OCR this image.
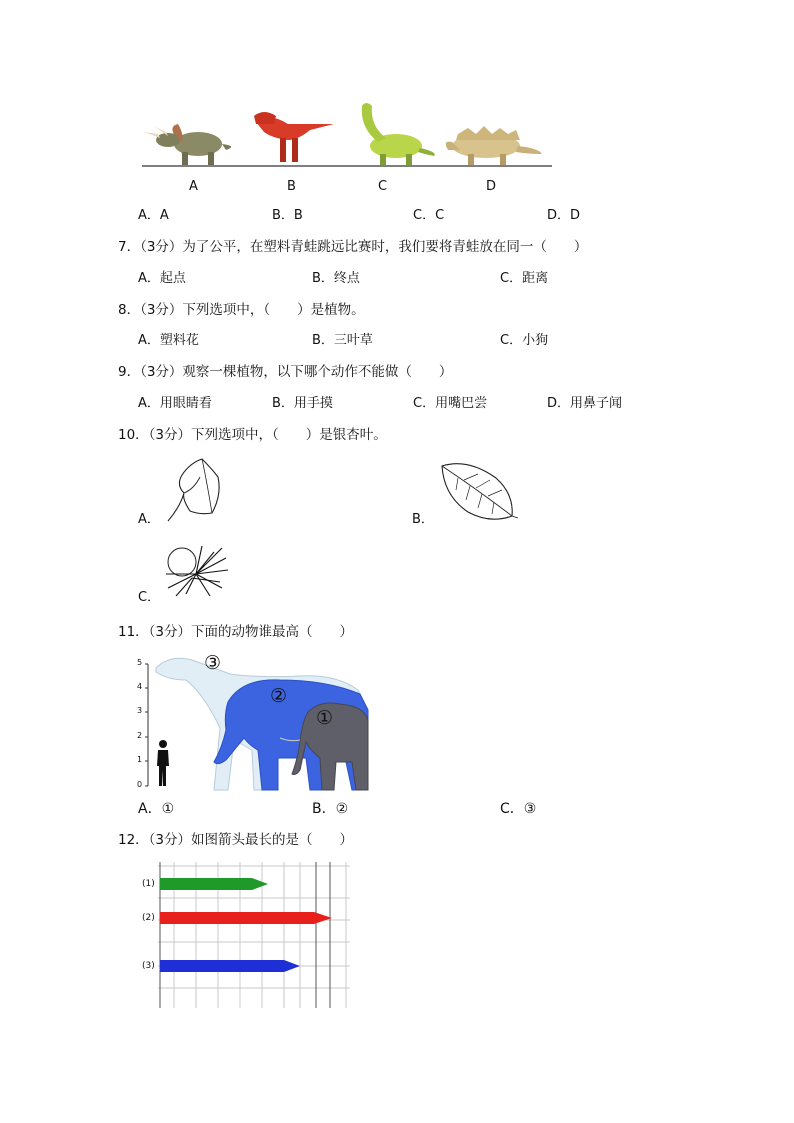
A	B	C	D
A．A	B．B	C．C	D．D
7．（3分）为了公平，在塑料青蛙跳远比赛时，我们要将青蛙放在同一（　　）
A．起点	B．终点	C．距离
8．（3分）下列选项中，（　　）是植物。
A．塑料花	B．三叶草	C．小狗
9．（3分）观察一棵植物，以下哪个动作不能做（　　）
A．用眼睛看	B．用手摸	C．用嘴巴尝	D．用鼻子闻
10．（3分）下列选项中，（　　）是银杏叶。
A．	B．
C．
11．（3分）下面的动物谁最高（　　）
5
4
3
2
1
0
③
②
①
A．①	B．②	C．③
12．（3分）如图箭头最长的是（　　）
(1)
(2)
(3)
